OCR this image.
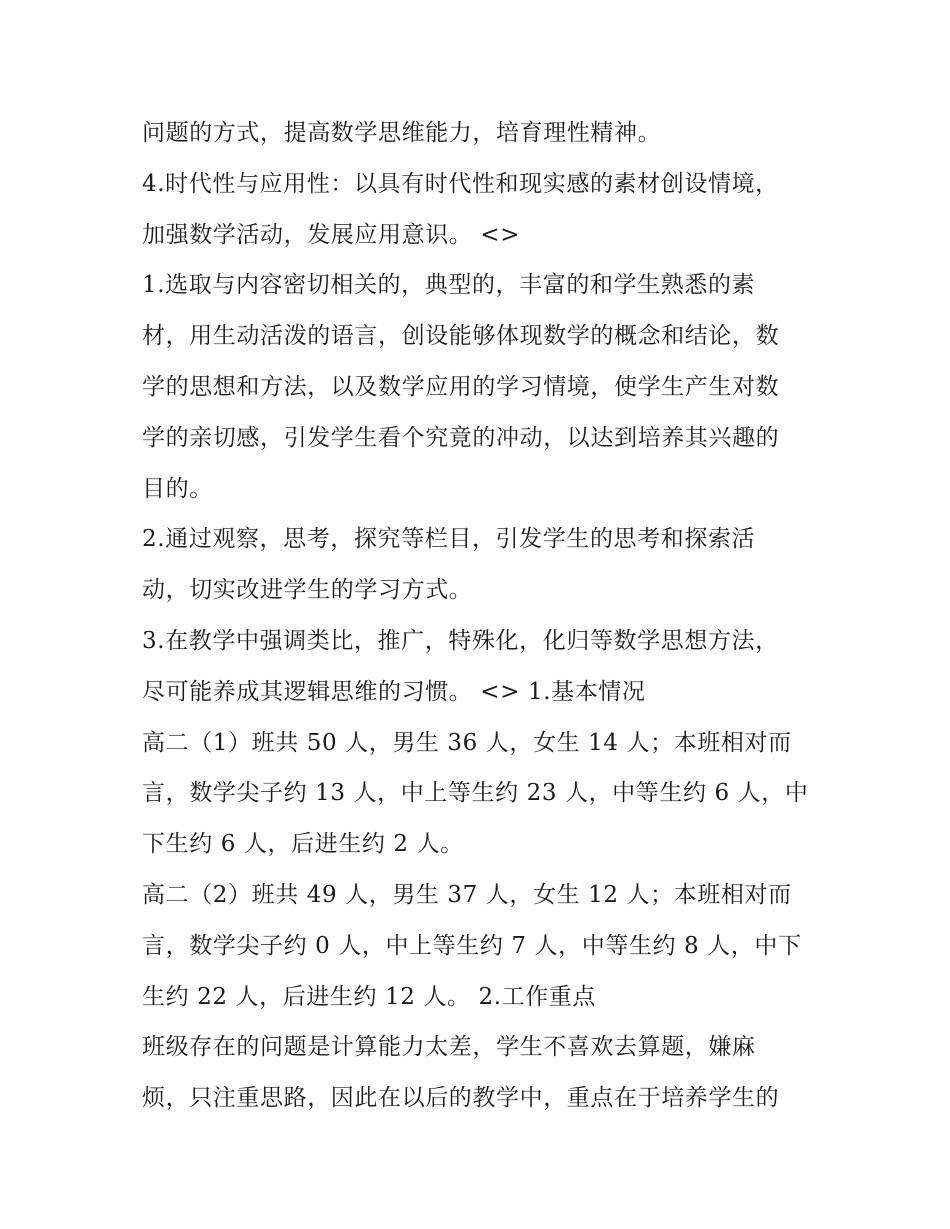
问题的方式，提高数学思维能力，培育理性精神。
4.时代性与应用性：以具有时代性和现实感的素材创设情境，
加强数学活动，发展应用意识。 <>
1.选取与内容密切相关的，典型的，丰富的和学生熟悉的素
材，用生动活泼的语言，创设能够体现数学的概念和结论，数
学的思想和方法，以及数学应用的学习情境，使学生产生对数
学的亲切感，引发学生看个究竟的冲动，以达到培养其兴趣的
目的。
2.通过观察，思考，探究等栏目，引发学生的思考和探索活
动，切实改进学生的学习方式。
3.在教学中强调类比，推广，特殊化，化归等数学思想方法，
尽可能养成其逻辑思维的习惯。 <> 1.基本情况
高二（1）班共 50 人，男生 36 人，女生 14 人；本班相对而
言，数学尖子约 13 人，中上等生约 23 人，中等生约 6 人，中
下生约 6 人，后进生约 2 人。
高二（2）班共 49 人，男生 37 人，女生 12 人；本班相对而
言，数学尖子约 0 人，中上等生约 7 人，中等生约 8 人，中下
生约 22 人，后进生约 12 人。 2.工作重点
班级存在的问题是计算能力太差，学生不喜欢去算题，嫌麻
烦，只注重思路，因此在以后的教学中，重点在于培养学生的
